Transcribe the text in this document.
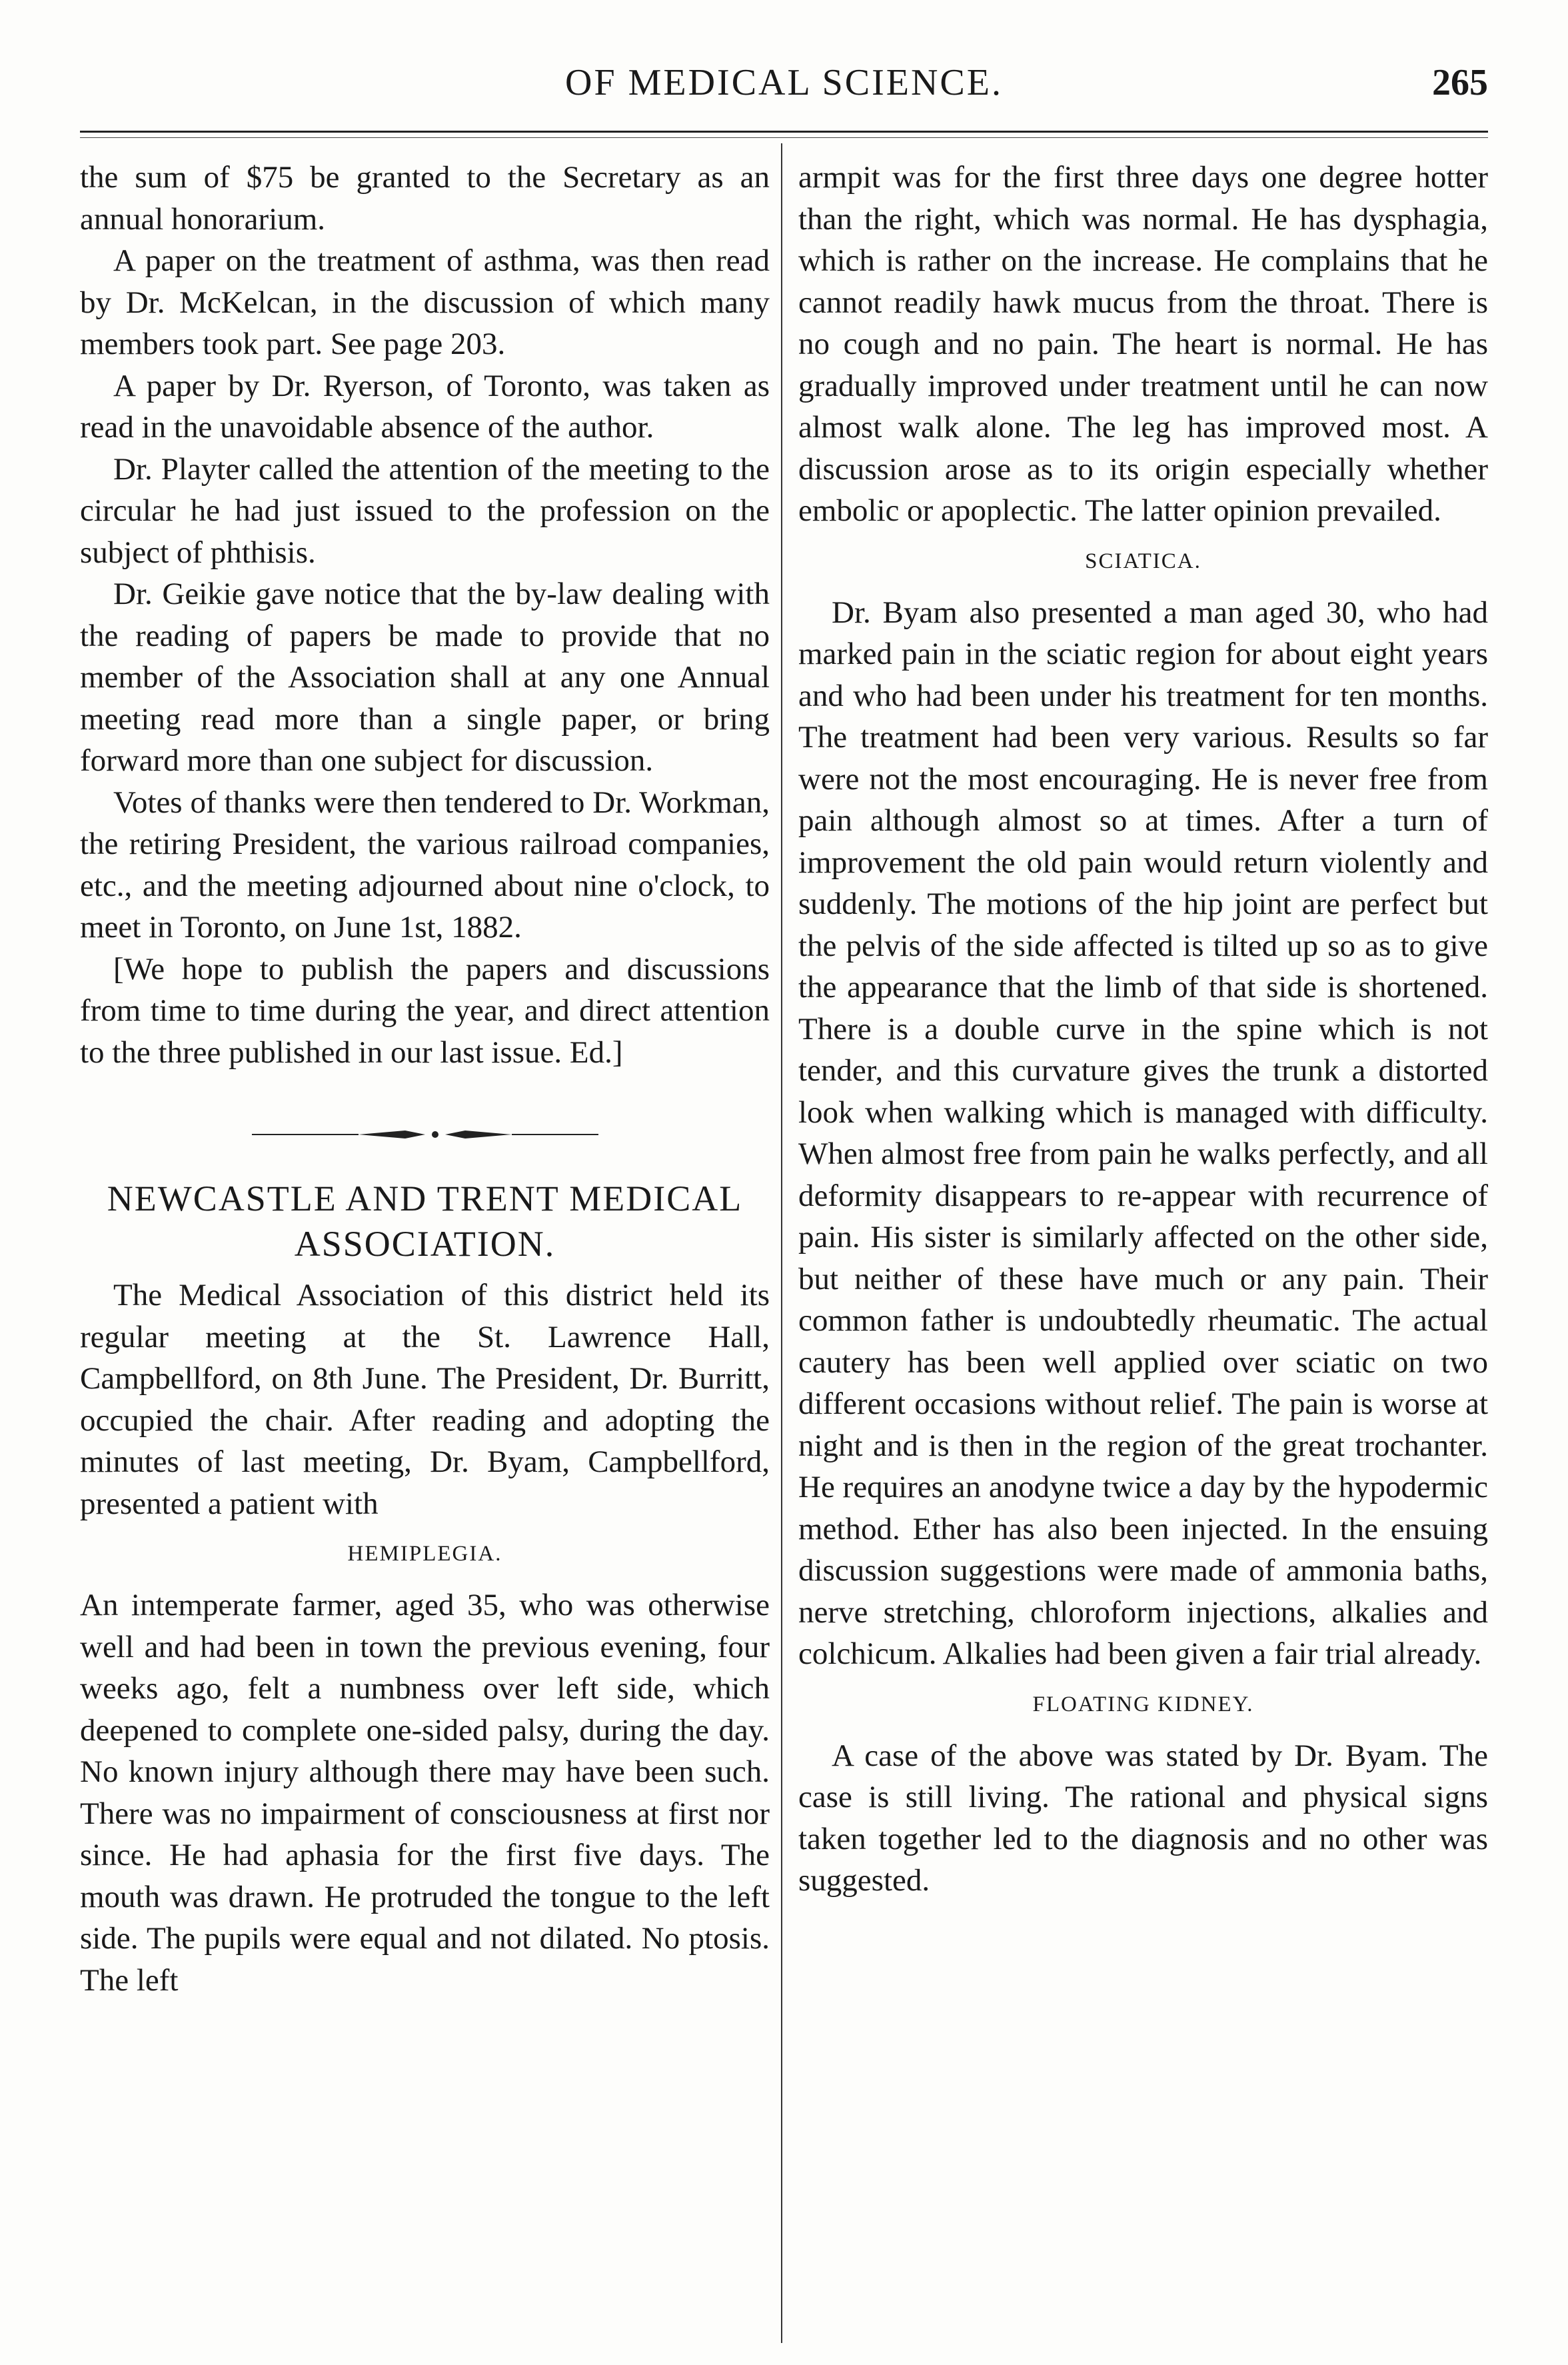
OF MEDICAL SCIENCE.	265

the sum of $75 be granted to the Secretary as an annual honorarium.

A paper on the treatment of asthma, was then read by Dr. McKelcan, in the discussion of which many members took part. See page 203.

A paper by Dr. Ryerson, of Toronto, was taken as read in the unavoidable absence of the author.

Dr. Playter called the attention of the meeting to the circular he had just issued to the profession on the subject of phthisis.

Dr. Geikie gave notice that the by-law dealing with the reading of papers be made to provide that no member of the Association shall at any one Annual meeting read more than a single paper, or bring forward more than one subject for discussion.

Votes of thanks were then tendered to Dr. Workman, the retiring President, the various railroad companies, etc., and the meeting adjourned about nine o'clock, to meet in Toronto, on June 1st, 1882.

[We hope to publish the papers and discussions from time to time during the year, and direct attention to the three published in our last issue. Ed.]

NEWCASTLE AND TRENT MEDICAL ASSOCIATION.

The Medical Association of this district held its regular meeting at the St. Lawrence Hall, Campbellford, on 8th June. The President, Dr. Burritt, occupied the chair. After reading and adopting the minutes of last meeting, Dr. Byam, Campbellford, presented a patient with

HEMIPLEGIA.

An intemperate farmer, aged 35, who was otherwise well and had been in town the previous evening, four weeks ago, felt a numbness over left side, which deepened to complete one-sided palsy, during the day. No known injury although there may have been such. There was no impairment of consciousness at first nor since. He had aphasia for the first five days. The mouth was drawn. He protruded the tongue to the left side. The pupils were equal and not dilated. No ptosis. The left

armpit was for the first three days one degree hotter than the right, which was normal. He has dysphagia, which is rather on the increase. He complains that he cannot readily hawk mucus from the throat. There is no cough and no pain. The heart is normal. He has gradually improved under treatment until he can now almost walk alone. The leg has improved most. A discussion arose as to its origin especially whether embolic or apoplectic. The latter opinion prevailed.

SCIATICA.

Dr. Byam also presented a man aged 30, who had marked pain in the sciatic region for about eight years and who had been under his treatment for ten months. The treatment had been very various. Results so far were not the most encouraging. He is never free from pain although almost so at times. After a turn of improvement the old pain would return violently and suddenly. The motions of the hip joint are perfect but the pelvis of the side affected is tilted up so as to give the appearance that the limb of that side is shortened. There is a double curve in the spine which is not tender, and this curvature gives the trunk a distorted look when walking which is managed with difficulty. When almost free from pain he walks perfectly, and all deformity disappears to re-appear with recurrence of pain. His sister is similarly affected on the other side, but neither of these have much or any pain. Their common father is undoubtedly rheumatic. The actual cautery has been well applied over sciatic on two different occasions without relief. The pain is worse at night and is then in the region of the great trochanter. He requires an anodyne twice a day by the hypodermic method. Ether has also been injected. In the ensuing discussion suggestions were made of ammonia baths, nerve stretching, chloroform injections, alkalies and colchicum. Alkalies had been given a fair trial already.

FLOATING KIDNEY.

A case of the above was stated by Dr. Byam. The case is still living. The rational and physical signs taken together led to the diagnosis and no other was suggested.
